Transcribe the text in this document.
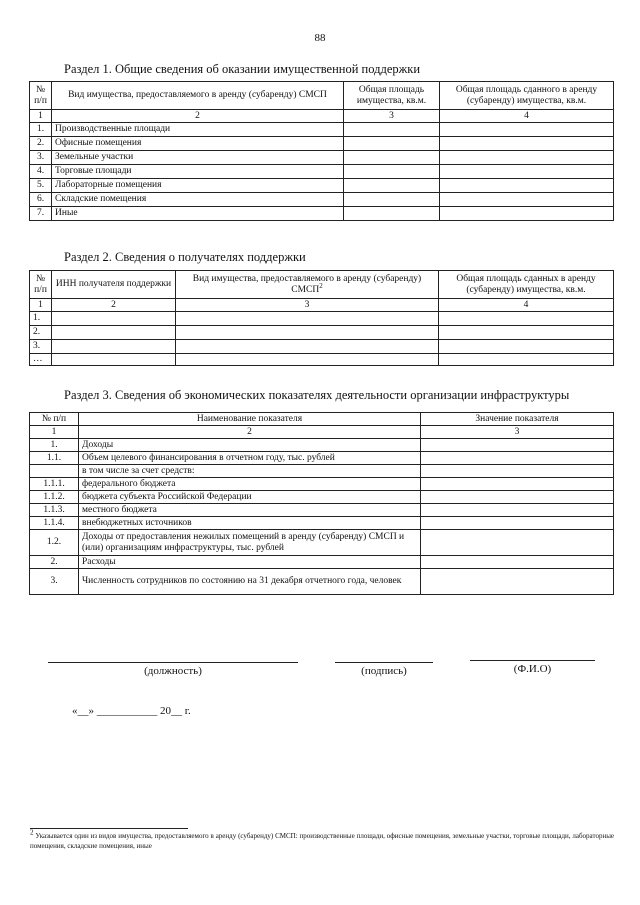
88
Раздел 1. Общие сведения об оказании имущественной поддержки
№ п/п	Вид имущества, предоставляемого в аренду (субаренду) СМСП	Общая площадь имущества, кв.м.	Общая площадь сданного в аренду (субаренду) имущества, кв.м.
1	2	3	4
1.	Производственные площади		
2.	Офисные помещения		
3.	Земельные участки		
4.	Торговые площади		
5.	Лабораторные помещения		
6.	Складские помещения		
7.	Иные		
Раздел 2. Сведения о получателях поддержки
№ п/п	ИНН получателя поддержки	Вид имущества, предоставляемого в аренду (субаренду) СМСП$^2$	Общая площадь сданных в аренду (субаренду) имущества, кв.м.
1	2	3	4
1.			
2.			
3.			
…			
Раздел 3. Сведения об экономических показателях деятельности организации инфраструктуры
№ п/п	Наименование показателя	Значение показателя
1	2	3
1.	Доходы	
1.1.	Объем целевого финансирования в отчетном году, тыс. рублей	
	в том числе за счет средств:	
1.1.1.	федерального бюджета	
1.1.2.	бюджета субъекта Российской Федерации	
1.1.3.	местного бюджета	
1.1.4.	внебюджетных источников	
1.2.	Доходы от предоставления нежилых помещений в аренду (субаренду) СМСП и (или) организациям инфраструктуры, тыс. рублей	
2.	Расходы	
3.	Численность сотрудников по состоянию на 31 декабря отчетного года, человек	
(должность)	(подпись)	(Ф.И.О)
«__» ___________ 20__ г.
$^2$ Указывается один из видов имущества, предоставляемого в аренду (субаренду) СМСП: производственные площади, офисные помещения, земельные участки, торговые площади, лабораторные помещения, складские помещения, иные
